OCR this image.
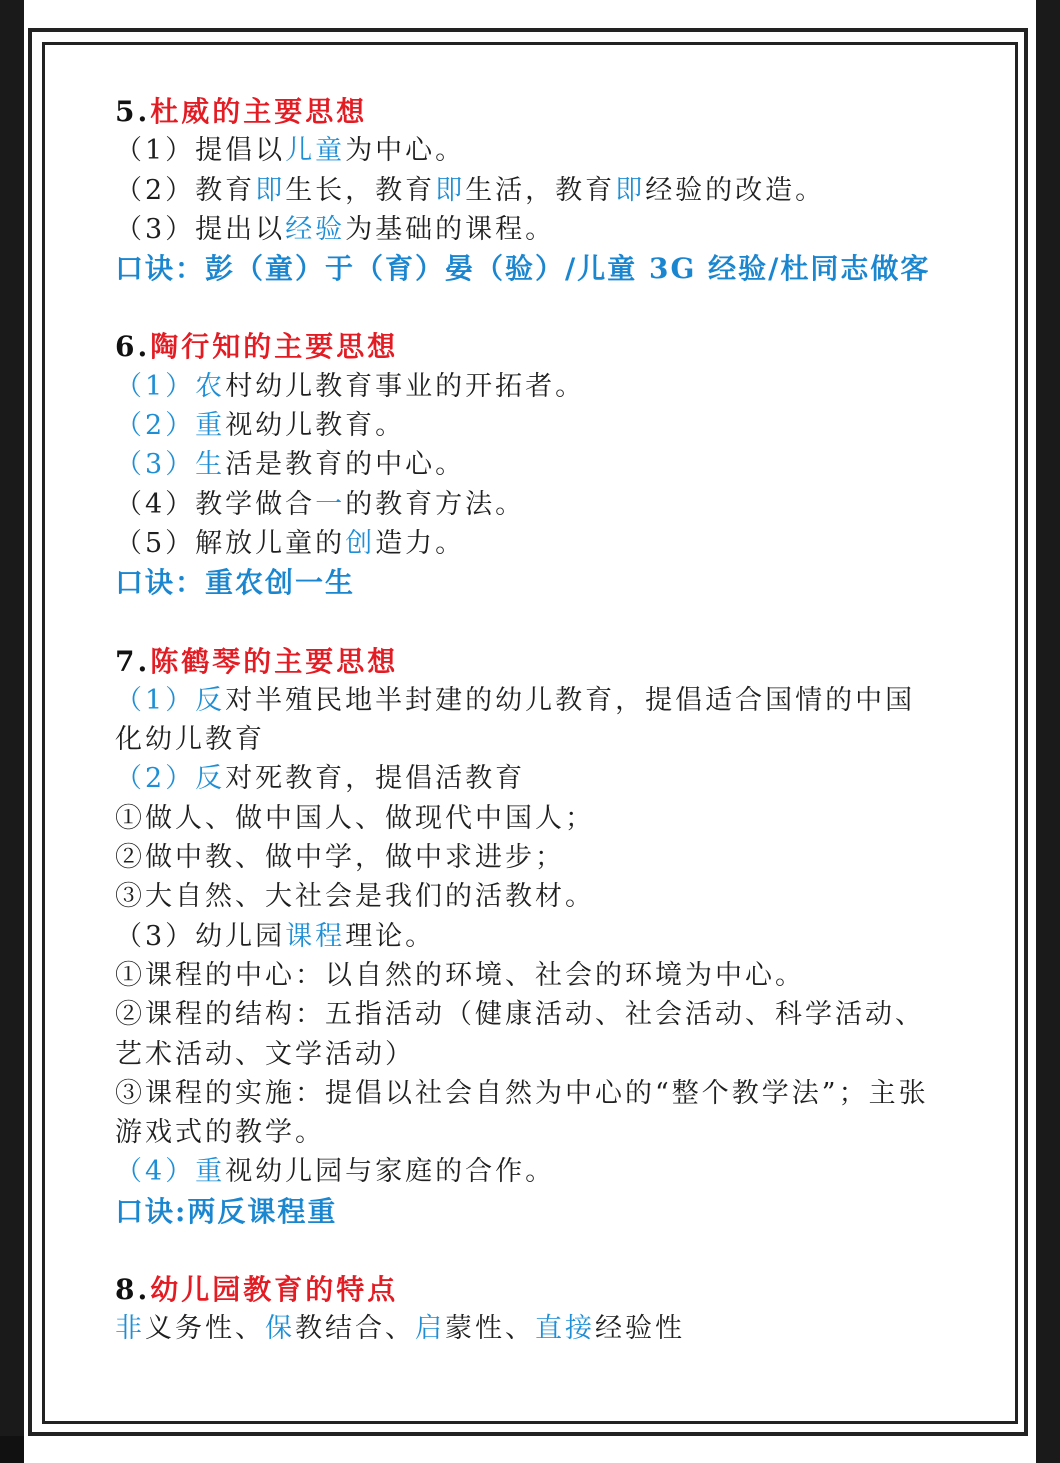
5.杜威的主要思想
（1）提倡以儿童为中心。
（2）教育即生长，教育即生活，教育即经验的改造。
（3）提出以经验为基础的课程。
口诀：彭（童）于（育）晏（验）/儿童 3G 经验/杜同志做客
6.陶行知的主要思想
（1）农村幼儿教育事业的开拓者。
（2）重视幼儿教育。
（3）生活是教育的中心。
（4）教学做合一的教育方法。
（5）解放儿童的创造力。
口诀：重农创一生
7.陈鹤琴的主要思想
（1）反对半殖民地半封建的幼儿教育，提倡适合国情的中国化幼儿教育
（2）反对死教育，提倡活教育
①做人、做中国人、做现代中国人；
②做中教、做中学，做中求进步；
③大自然、大社会是我们的活教材。
（3）幼儿园课程理论。
①课程的中心：以自然的环境、社会的环境为中心。
②课程的结构：五指活动（健康活动、社会活动、科学活动、艺术活动、文学活动）
③课程的实施：提倡以社会自然为中心的“整个教学法”；主张游戏式的教学。
（4）重视幼儿园与家庭的合作。
口诀:两反课程重
8.幼儿园教育的特点
非义务性、保教结合、启蒙性、直接经验性
